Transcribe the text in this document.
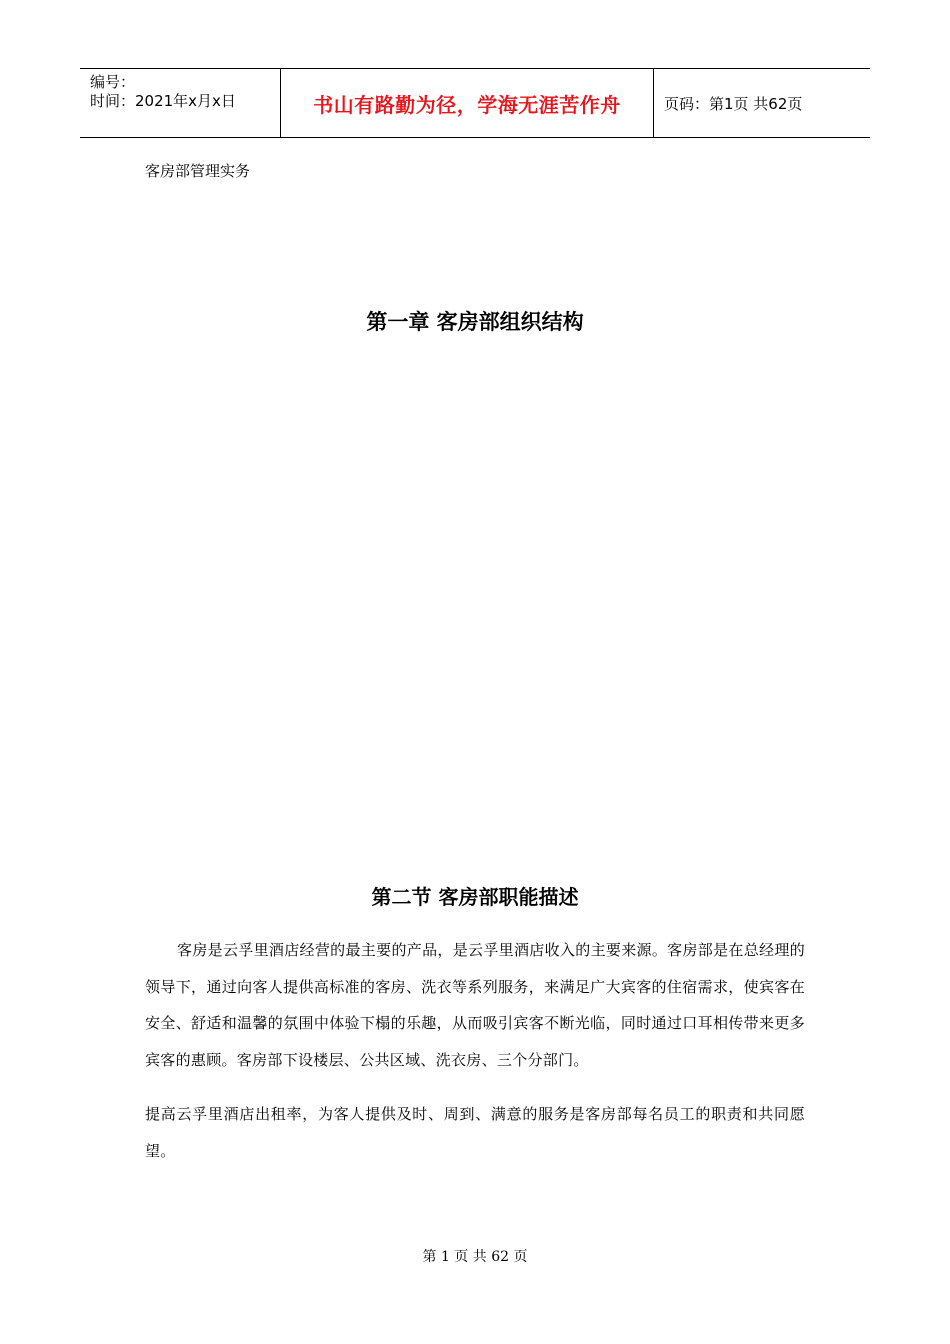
编号：
时间：2021年x月x日	书山有路勤为径，学海无涯苦作舟	页码：第1页 共62页
客房部管理实务
第一章 客房部组织结构
第二节 客房部职能描述
客房是云孚里酒店经营的最主要的产品，是云孚里酒店收入的主要来源。客房部是在总经理的领导下，通过向客人提供高标准的客房、洗衣等系列服务，来满足广大宾客的住宿需求，使宾客在安全、舒适和温馨的氛围中体验下榻的乐趣，从而吸引宾客不断光临，同时通过口耳相传带来更多宾客的惠顾。客房部下设楼层、公共区域、洗衣房、三个分部门。
提高云孚里酒店出租率，为客人提供及时、周到、满意的服务是客房部每名员工的职责和共同愿望。
第 1 页 共 62 页
